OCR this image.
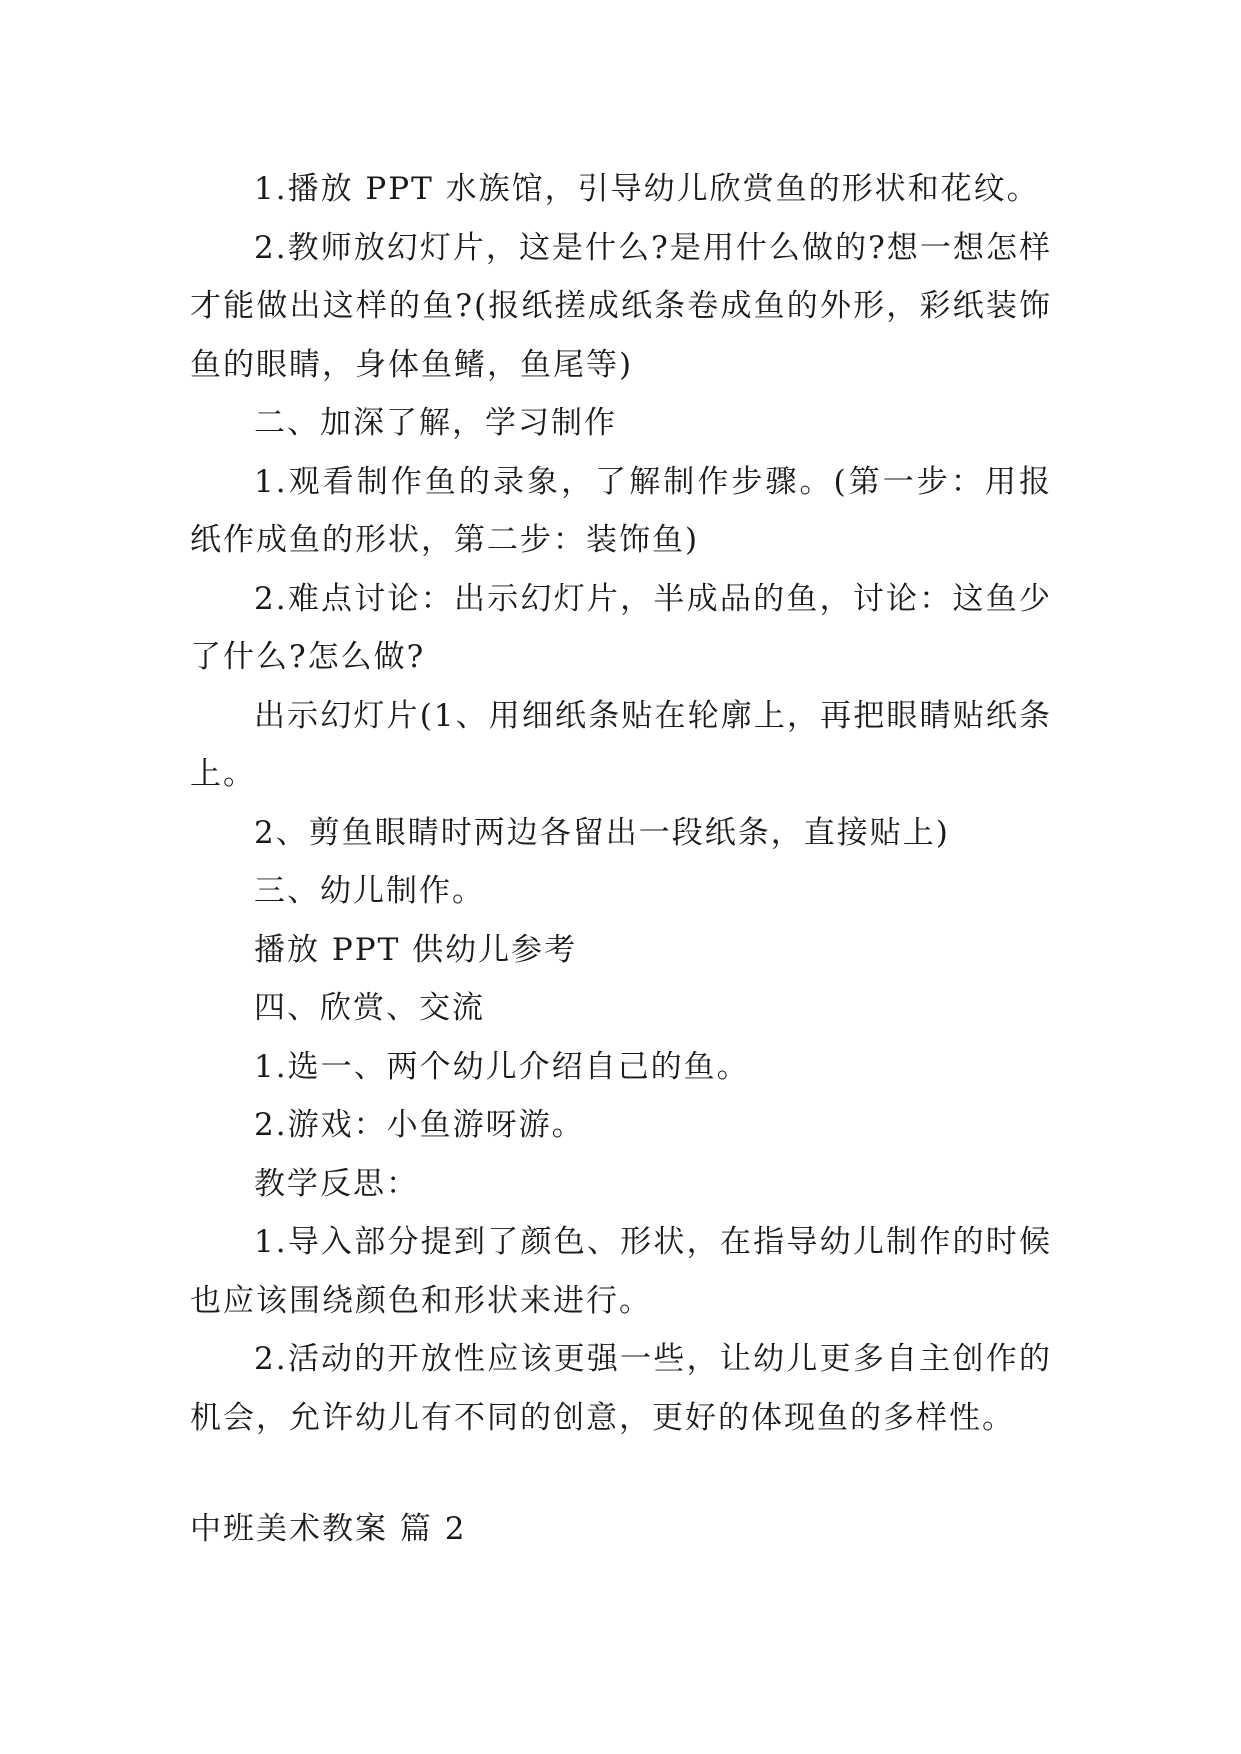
1.播放 PPT 水族馆，引导幼儿欣赏鱼的形状和花纹。

2.教师放幻灯片，这是什么?是用什么做的?想一想怎样才能做出这样的鱼?(报纸搓成纸条卷成鱼的外形，彩纸装饰鱼的眼睛，身体鱼鳍，鱼尾等)

二、加深了解，学习制作

1.观看制作鱼的录象，了解制作步骤。(第一步：用报纸作成鱼的形状，第二步：装饰鱼)

2.难点讨论：出示幻灯片，半成品的鱼，讨论：这鱼少了什么?怎么做?

出示幻灯片(1、用细纸条贴在轮廓上，再把眼睛贴纸条上。

2、剪鱼眼睛时两边各留出一段纸条，直接贴上)

三、幼儿制作。

播放 PPT 供幼儿参考

四、欣赏、交流

1.选一、两个幼儿介绍自己的鱼。

2.游戏：小鱼游呀游。

教学反思：

1.导入部分提到了颜色、形状，在指导幼儿制作的时候也应该围绕颜色和形状来进行。

2.活动的开放性应该更强一些，让幼儿更多自主创作的机会，允许幼儿有不同的创意，更好的体现鱼的多样性。

中班美术教案 篇 2
